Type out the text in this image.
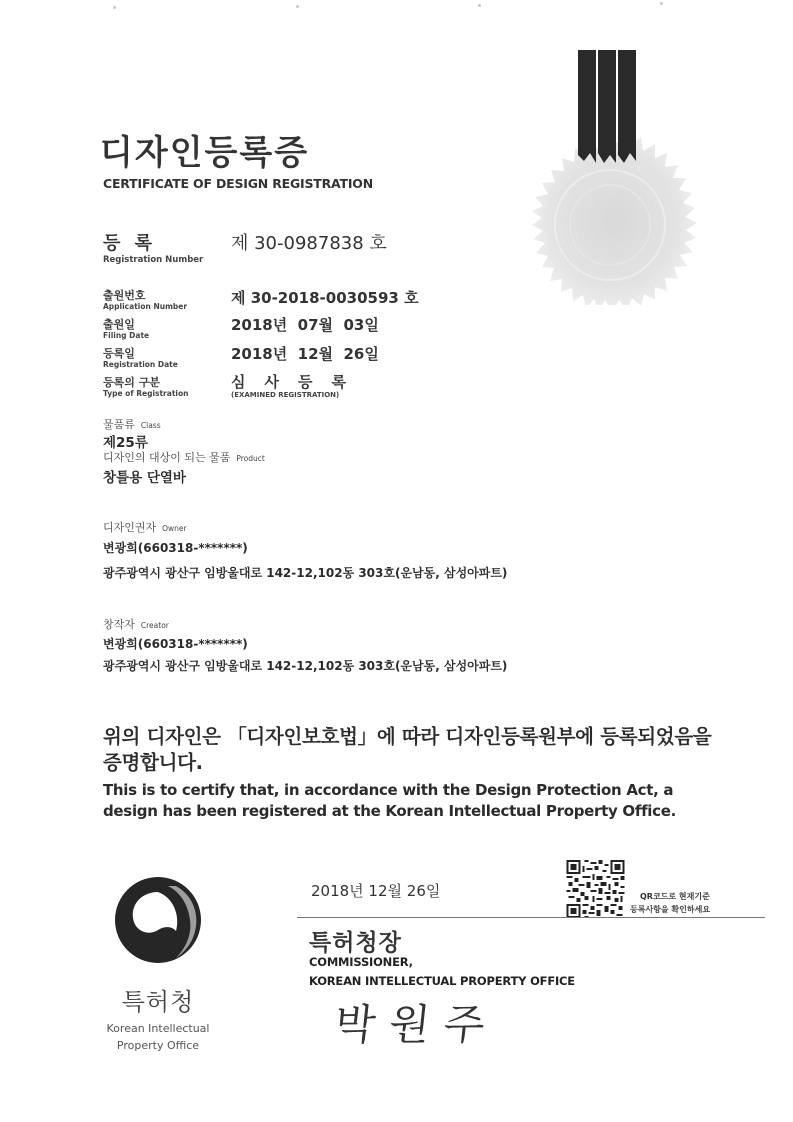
디자인등록증
CERTIFICATE OF DESIGN REGISTRATION
등 록
Registration Number
제 30-0987838 호
출원번호
Application Number	제 30-2018-0030593 호
출원일
Filing Date
2018년  07월  03일
등록일
Registration Date
2018년  12월  26일
등록의 구분
Type of Registration
심사등록
(EXAMINED REGISTRATION)
물품류 Class
제25류
디자인의 대상이 되는 물품 Product
창틀용 단열바
디자인권자 Owner
변광희(660318-*******)
광주광역시 광산구 임방울대로 142-12,102동 303호(운남동, 삼성아파트)
창작자 Creator
변광희(660318-*******)
광주광역시 광산구 임방울대로 142-12,102동 303호(운남동, 삼성아파트)
위의 디자인은 「디자인보호법」에 따라 디자인등록원부에 등록되었음을 증명합니다.
This is to certify that, in accordance with the Design Protection Act, a design has been registered at the Korean Intellectual Property Office.
2018년 12월 26일	QR코드로 현재기준
등록사항을 확인하세요
특허청장
COMMISSIONER,
KOREAN INTELLECTUAL PROPERTY OFFICE
박원주
특허청
Korean Intellectual
Property Office
